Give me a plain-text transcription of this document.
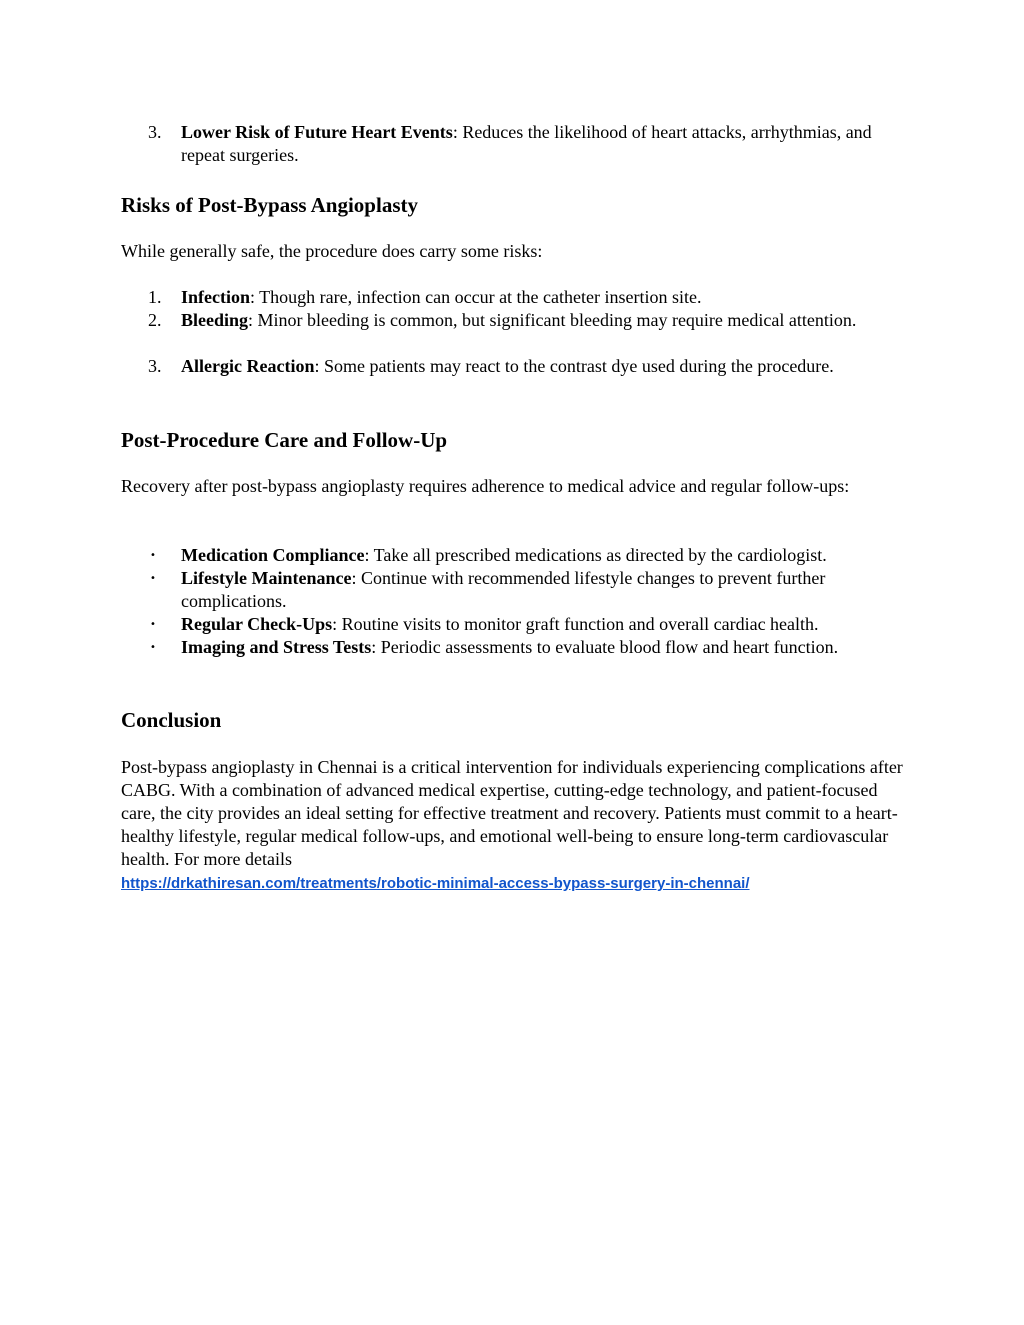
3. Lower Risk of Future Heart Events: Reduces the likelihood of heart attacks, arrhythmias, and repeat surgeries.
Risks of Post-Bypass Angioplasty
While generally safe, the procedure does carry some risks:
1. Infection: Though rare, infection can occur at the catheter insertion site.
2. Bleeding: Minor bleeding is common, but significant bleeding may require medical attention.
3. Allergic Reaction: Some patients may react to the contrast dye used during the procedure.
Post-Procedure Care and Follow-Up
Recovery after post-bypass angioplasty requires adherence to medical advice and regular follow-ups:
• Medication Compliance: Take all prescribed medications as directed by the cardiologist.
• Lifestyle Maintenance: Continue with recommended lifestyle changes to prevent further complications.
• Regular Check-Ups: Routine visits to monitor graft function and overall cardiac health.
• Imaging and Stress Tests: Periodic assessments to evaluate blood flow and heart function.
Conclusion
Post-bypass angioplasty in Chennai is a critical intervention for individuals experiencing complications after CABG. With a combination of advanced medical expertise, cutting-edge technology, and patient-focused care, the city provides an ideal setting for effective treatment and recovery. Patients must commit to a heart-healthy lifestyle, regular medical follow-ups, and emotional well-being to ensure long-term cardiovascular health. For more details
https://drkathiresan.com/treatments/robotic-minimal-access-bypass-surgery-in-chennai/
